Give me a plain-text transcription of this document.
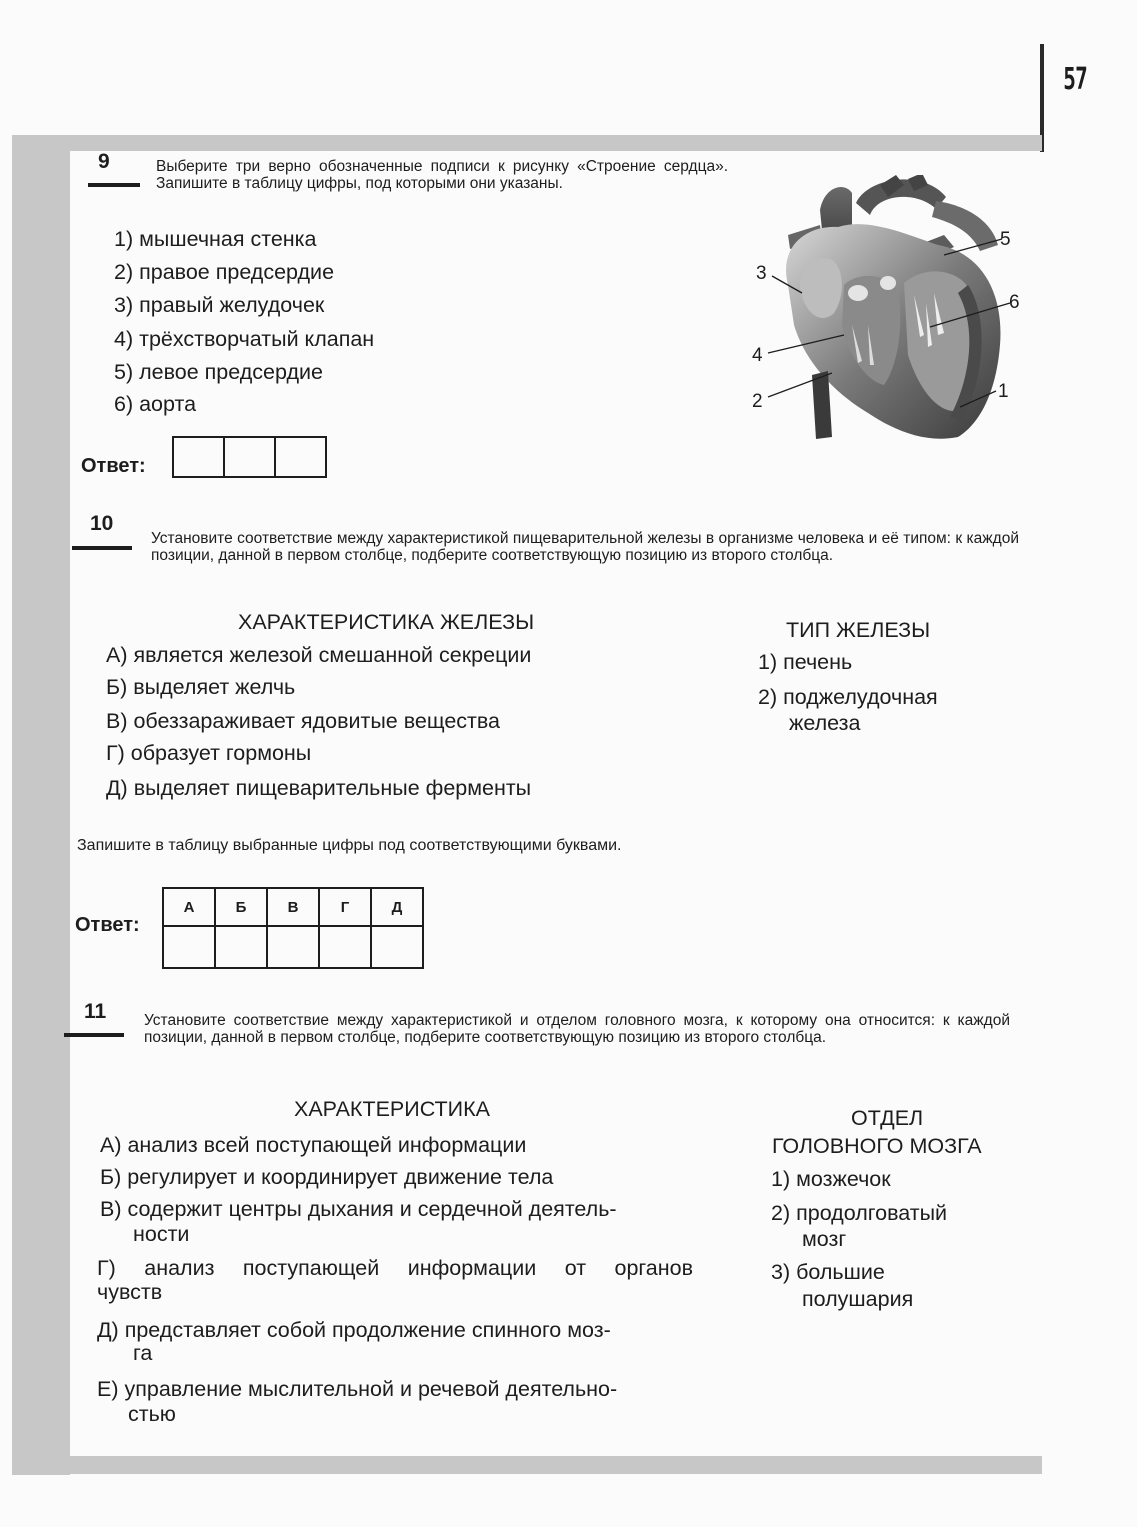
57
9	Выберите три верно обозначенные подписи к рисунку «Строение сердца». Запишите в таблицу цифры, под которыми они указаны.
1) мышечная стенка
2) правое предсердие
3) правый желудочек
4) трёхстворчатый клапан
5) левое предсердие
6) аорта
Ответ:

3
5
6
4
2	1
10
Установите соответствие между характеристикой пищеварительной железы в организме человека и её типом: к каждой позиции, данной в первом столбце, подберите соответствующую позицию из второго столбца.
ХАРАКТЕРИСТИКА ЖЕЛЕЗЫ	ТИП ЖЕЛЕЗЫ
А) является железой смешанной секреции
Б) выделяет желчь
В) обеззараживает ядовитые вещества
Г) образует гормоны
Д) выделяет пищеварительные ферменты
1) печень
2) поджелудочная
железа
Запишите в таблицу выбранные цифры под соответствующими буквами.
Ответ:
А	Б	В	Г	Д

11 Установите соответствие между характеристикой и отделом головного мозга, к которому она относится: к каждой позиции, данной в первом столбце, подберите соответствующую позицию из второго столбца.
ХАРАКТЕРИСТИКА	ОТДЕЛ
ГОЛОВНОГО МОЗГА
А) анализ всей поступающей информации
Б) регулирует и координирует движение тела
В) содержит центры дыхания и сердечной деятель-
ности
Г) анализ поступающей информации от органов
чувств
Д) представляет собой продолжение спинного моз-
га
Е) управление мыслительной и речевой деятельно-
стью
1) мозжечок
2) продолговатый
мозг
3) большие
полушария
